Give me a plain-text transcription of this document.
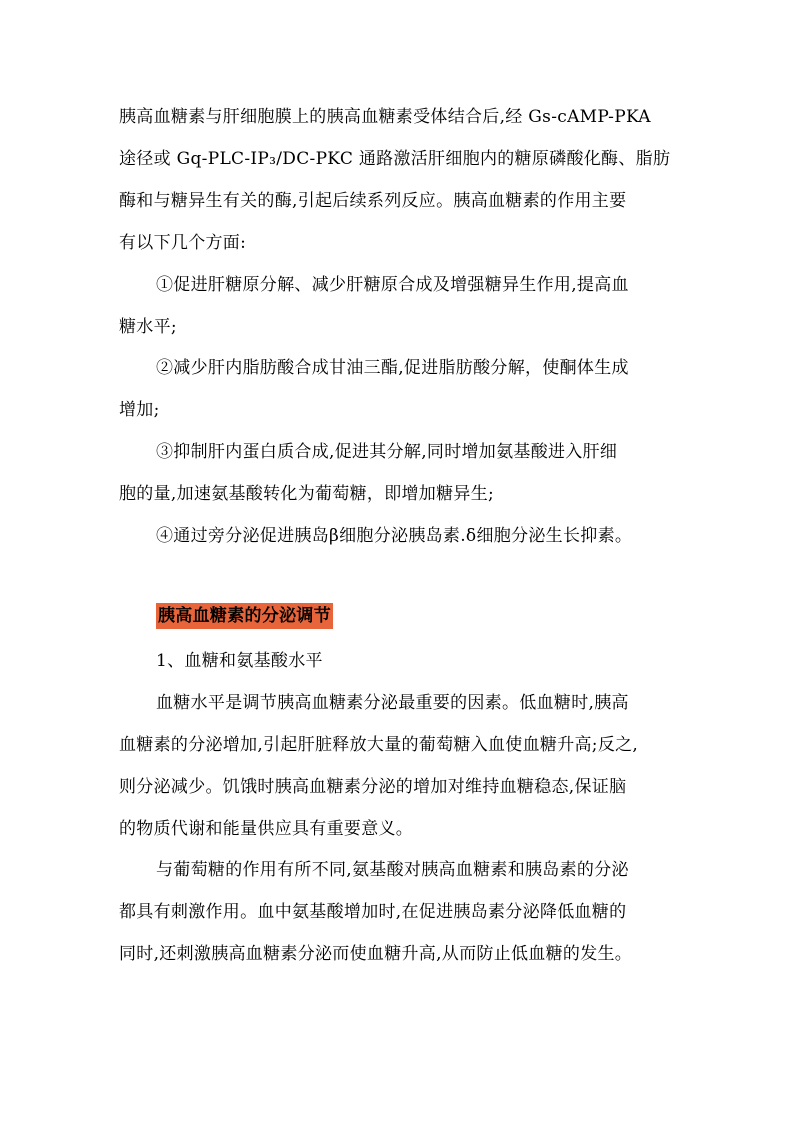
胰高血糖素与肝细胞膜上的胰高血糖素受体结合后,经 Gs-cAMP-PKA
途径或 Gq-PLC-IP₃/DC-PKC 通路激活肝细胞内的糖原磷酸化酶、脂肪
酶和与糖异生有关的酶,引起后续系列反应。胰高血糖素的作用主要
有以下几个方面:
①促进肝糖原分解、减少肝糖原合成及增强糖异生作用,提高血
糖水平;
②减少肝内脂肪酸合成甘油三酯,促进脂肪酸分解，使酮体生成
增加;
③抑制肝内蛋白质合成,促进其分解,同时增加氨基酸进入肝细
胞的量,加速氨基酸转化为葡萄糖，即增加糖异生;
④通过旁分泌促进胰岛β细胞分泌胰岛素.δ细胞分泌生长抑素。
胰高血糖素的分泌调节
1、血糖和氨基酸水平
血糖水平是调节胰高血糖素分泌最重要的因素。低血糖时,胰高
血糖素的分泌增加,引起肝脏释放大量的葡萄糖入血使血糖升高;反之,
则分泌减少。饥饿时胰高血糖素分泌的增加对维持血糖稳态,保证脑
的物质代谢和能量供应具有重要意义。
与葡萄糖的作用有所不同,氨基酸对胰高血糖素和胰岛素的分泌
都具有刺激作用。血中氨基酸增加时,在促进胰岛素分泌降低血糖的
同时,还刺激胰高血糖素分泌而使血糖升高,从而防止低血糖的发生。
